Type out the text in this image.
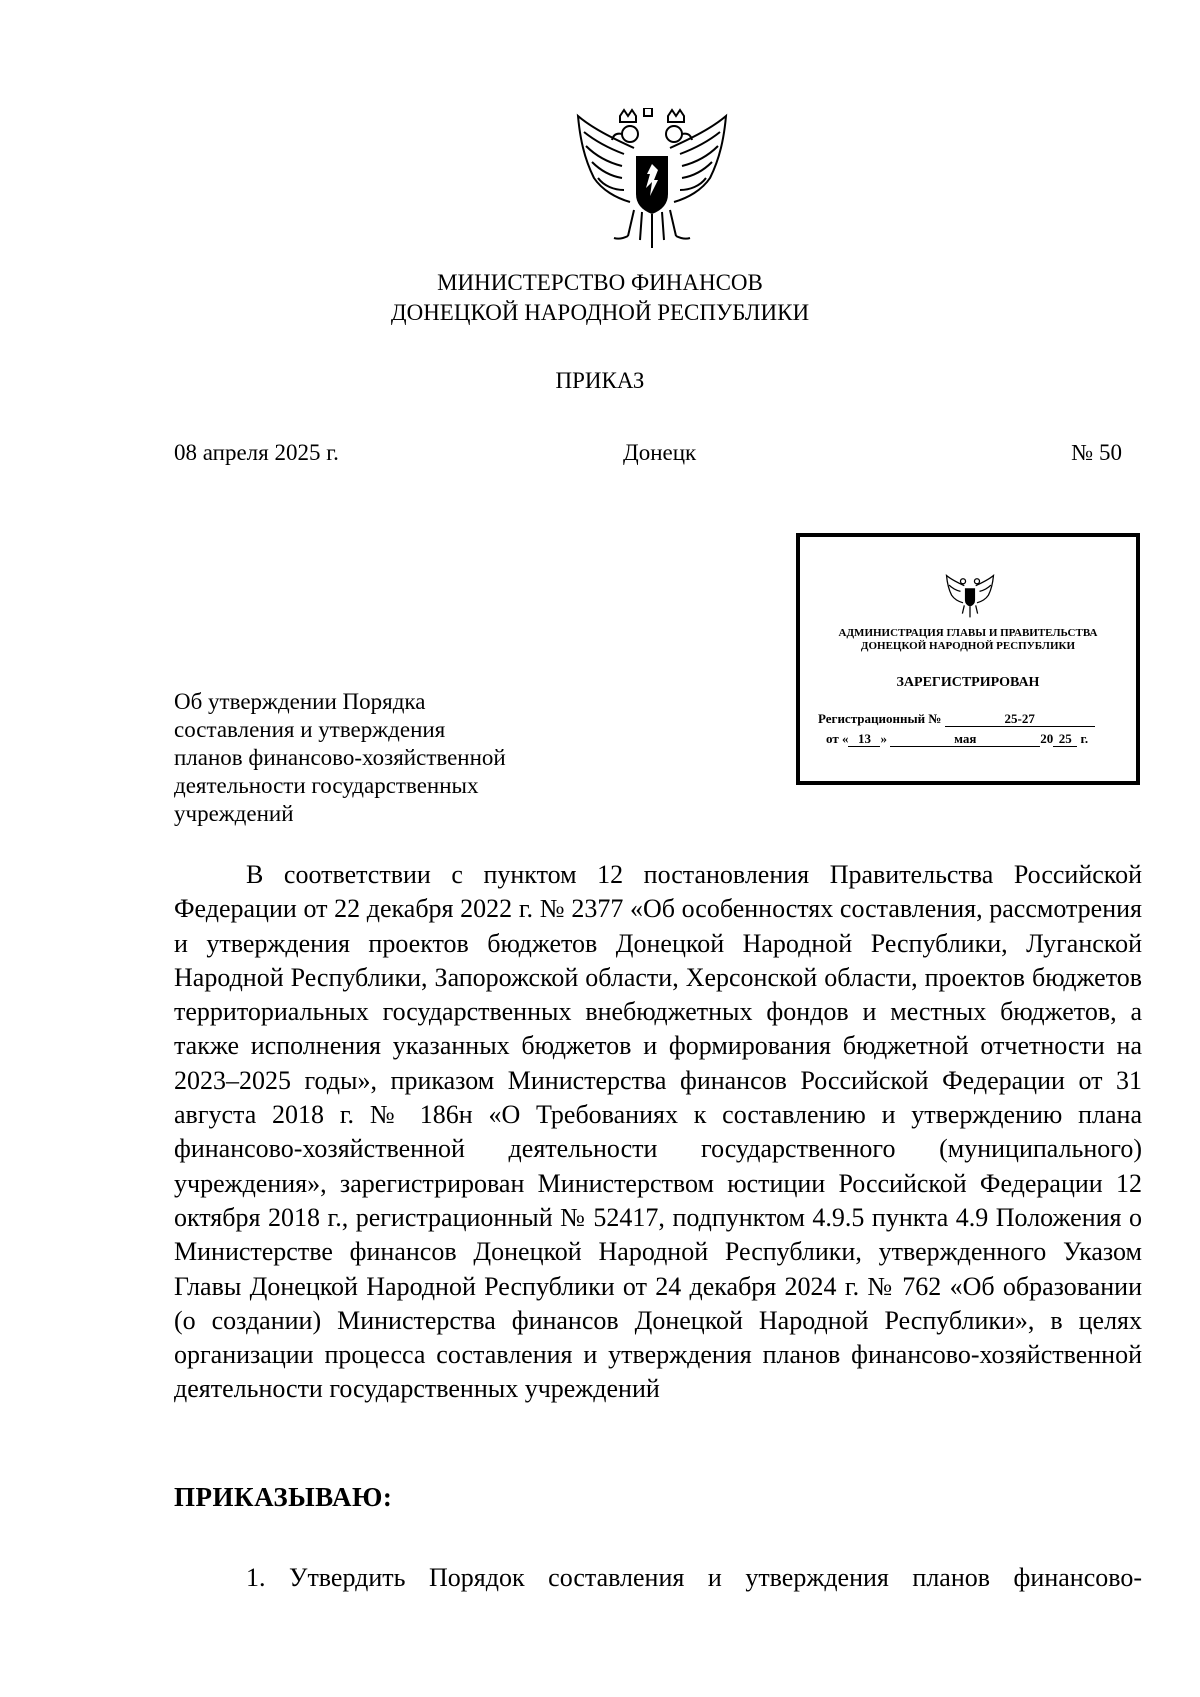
МИНИСТЕРСТВО ФИНАНСОВ
ДОНЕЦКОЙ НАРОДНОЙ РЕСПУБЛИКИ
ПРИКАЗ
08 апреля 2025 г.	Донецк	№ 50
АДМИНИСТРАЦИЯ ГЛАВЫ И ПРАВИТЕЛЬСТВА
ДОНЕЦКОЙ НАРОДНОЙ РЕСПУБЛИКИ
ЗАРЕГИСТРИРОВАН
Регистрационный №	25-27
от « 13 »	мая	20 25 г.
Об утверждении Порядка
составления и утверждения
планов финансово-хозяйственной
деятельности государственных
учреждений
В соответствии с пунктом 12 постановления Правительства Российской Федерации от 22 декабря 2022 г. № 2377 «Об особенностях составления, рассмотрения и утверждения проектов бюджетов Донецкой Народной Республики, Луганской Народной Республики, Запорожской области, Херсонской области, проектов бюджетов территориальных государственных внебюджетных фондов и местных бюджетов, а также исполнения указанных бюджетов и формирования бюджетной отчетности на 2023–2025 годы», приказом Министерства финансов Российской Федерации от 31 августа 2018 г. № 186н «О Требованиях к составлению и утверждению плана финансово-хозяйственной деятельности государственного (муниципального) учреждения», зарегистрирован Министерством юстиции Российской Федерации 12 октября 2018 г., регистрационный № 52417, подпунктом 4.9.5 пункта 4.9 Положения о Министерстве финансов Донецкой Народной Республики, утвержденного Указом Главы Донецкой Народной Республики от 24 декабря 2024 г. № 762 «Об образовании (о создании) Министерства финансов Донецкой Народной Республики», в целях организации процесса составления и утверждения планов финансово-хозяйственной деятельности государственных учреждений
ПРИКАЗЫВАЮ:
1. Утвердить Порядок составления и утверждения планов финансово-
